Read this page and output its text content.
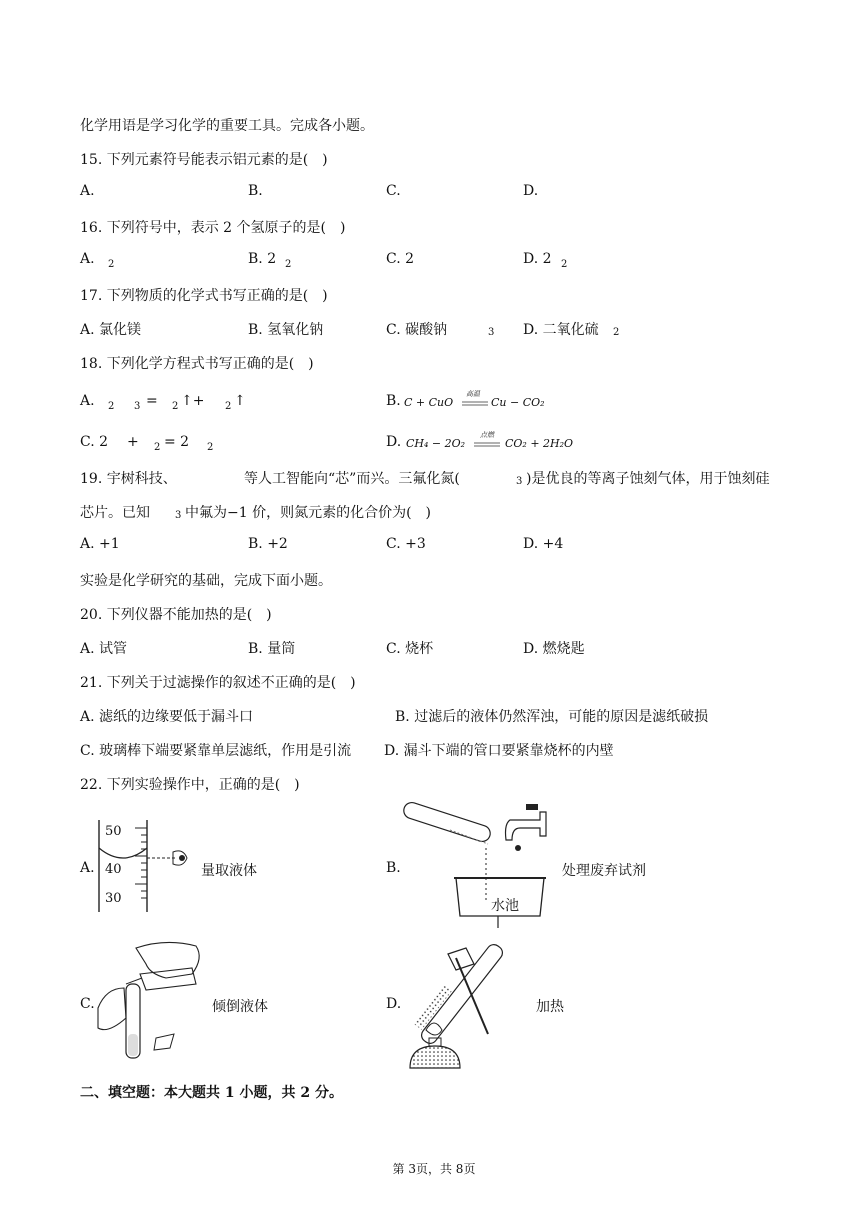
化学用语是学习化学的重要工具。完成各小题。
15. 下列元素符号能表示铝元素的是(　)
A.	B.	C.	D.
16. 下列符号中，表示 2 个氢原子的是(　)
A. 2	B. 2 2	C. 2	D. 2 2
17. 下列物质的化学式书写正确的是(　)
A. 氯化镁	B. 氢氧化钠	C. 碳酸钠	3 D. 二氧化硫 2
18. 下列化学方程式书写正确的是(　)
A. 2 3 = 2 ↑+ 2 ↑	B. C + CuO
高温
Cu − CO₂
C. 2 + 2 = 2 2	D. CH₄ − 2O₂
点燃
CO₂ + 2H₂O
19. 宇树科技、	等人工智能向“芯”而兴。三氟化氮(	3 )是优良的等离子蚀刻气体，用于蚀刻硅
芯片。已知	3 中氟为−1 价，则氮元素的化合价为(　)
A. +1	B. +2	C. +3	D. +4
实验是化学研究的基础，完成下面小题。
20. 下列仪器不能加热的是(　)
A. 试管	B. 量筒	C. 烧杯	D. 燃烧匙
21. 下列关于过滤操作的叙述不正确的是(　)
A. 滤纸的边缘要低于漏斗口	B. 过滤后的液体仍然浑浊，可能的原因是滤纸破损
C. 玻璃棒下端要紧靠单层滤纸，作用是引流 D. 漏斗下端的管口要紧靠烧杯的内壁
22. 下列实验操作中，正确的是(　)
A.
50
40
30
量取液体	B.
水池
处理废弃试剂
C.	倾倒液体	D.	加热
二、填空题：本大题共 1 小题，共 2 分。
第 3页，共 8页
